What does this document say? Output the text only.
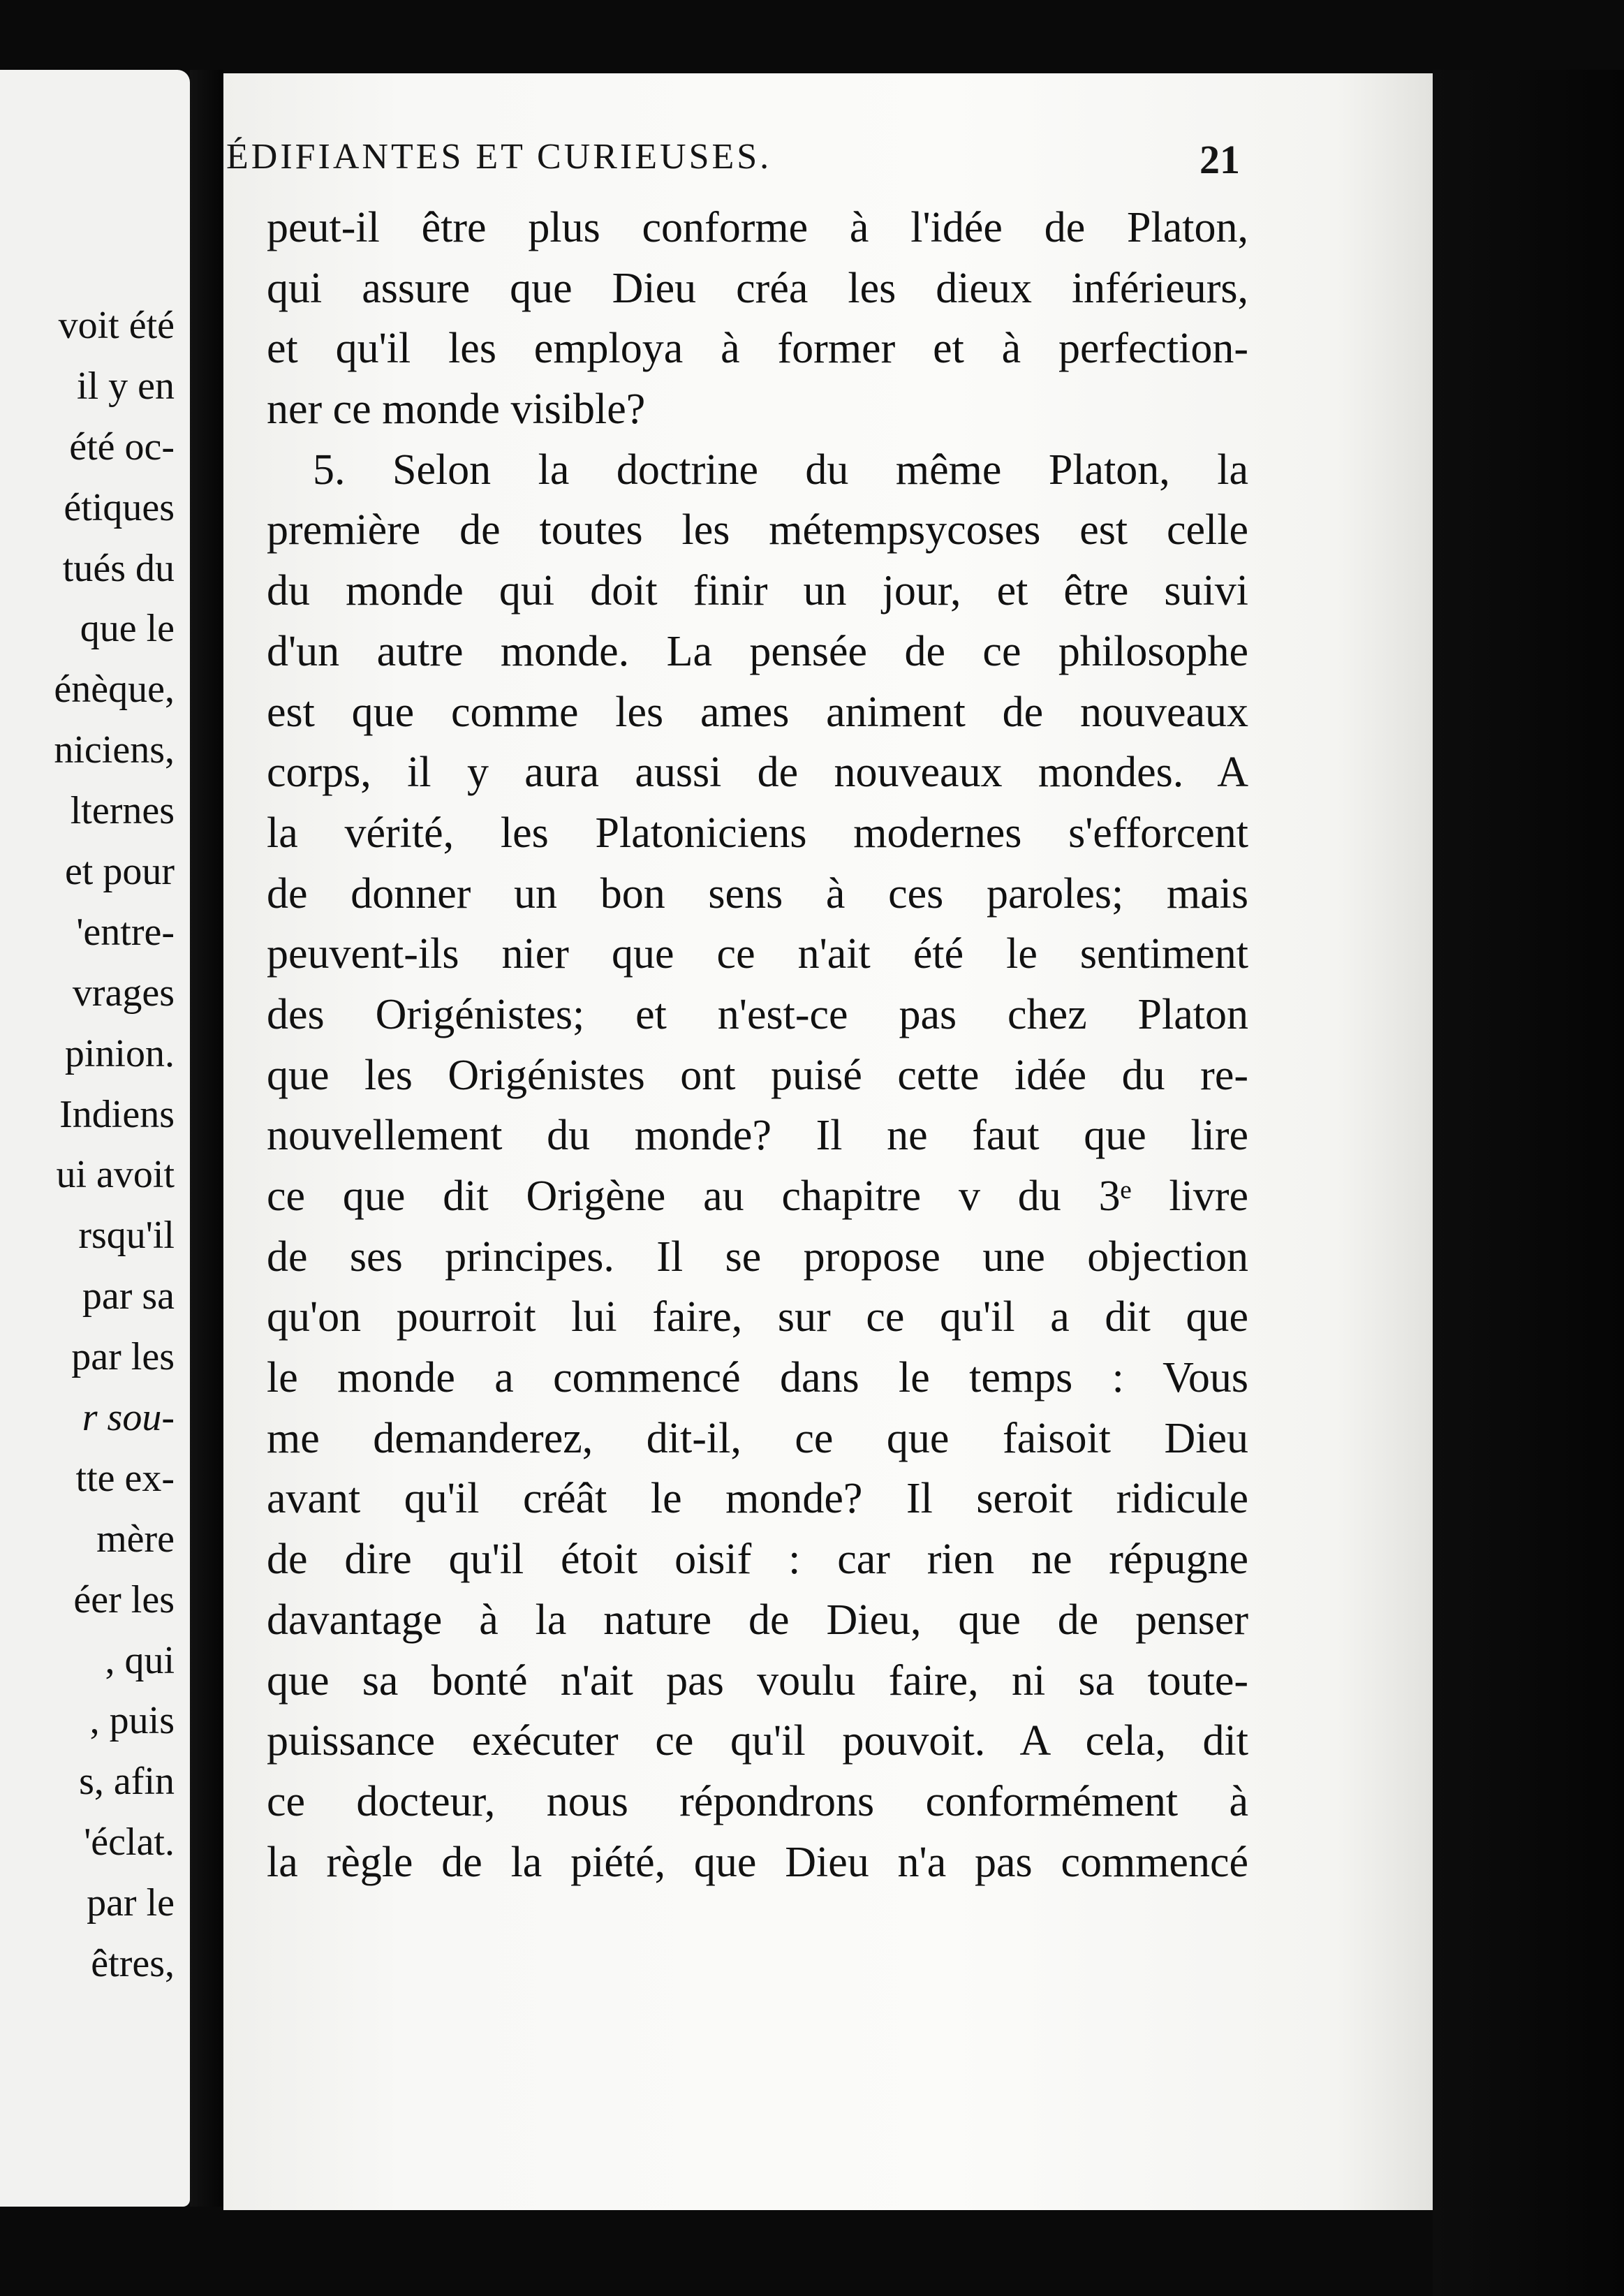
voit été
il y en
été oc-
étiques
tués du
que le
énèque,
niciens,
lternes
et pour
'entre-
vrages
pinion.
Indiens
ui avoit
rsqu'il
par sa
par les
r sou-
tte ex-
mère
éer les
, qui
, puis
s, afin
'éclat.
par le
êtres,
ÉDIFIANTES ET CURIEUSES.	21
peut-il être plus conforme à l'idée de Platon,
qui assure que Dieu créa les dieux inférieurs,
et qu'il les employa à former et à perfection-
ner ce monde visible?
5. Selon la doctrine du même Platon, la
première de toutes les métempsycoses est celle
du monde qui doit finir un jour, et être suivi
d'un autre monde. La pensée de ce philosophe
est que comme les ames animent de nouveaux
corps, il y aura aussi de nouveaux mondes. A
la vérité, les Platoniciens modernes s'efforcent
de donner un bon sens à ces paroles; mais
peuvent-ils nier que ce n'ait été le sentiment
des Origénistes; et n'est-ce pas chez Platon
que les Origénistes ont puisé cette idée du re-
nouvellement du monde? Il ne faut que lire
ce que dit Origène au chapitre v du 3ᵉ livre
de ses principes. Il se propose une objection
qu'on pourroit lui faire, sur ce qu'il a dit que
le monde a commencé dans le temps : Vous
me demanderez, dit-il, ce que faisoit Dieu
avant qu'il créât le monde? Il seroit ridicule
de dire qu'il étoit oisif : car rien ne répugne
davantage à la nature de Dieu, que de penser
que sa bonté n'ait pas voulu faire, ni sa toute-
puissance exécuter ce qu'il pouvoit. A cela, dit
ce docteur, nous répondrons conformément à
la règle de la piété, que Dieu n'a pas commencé
